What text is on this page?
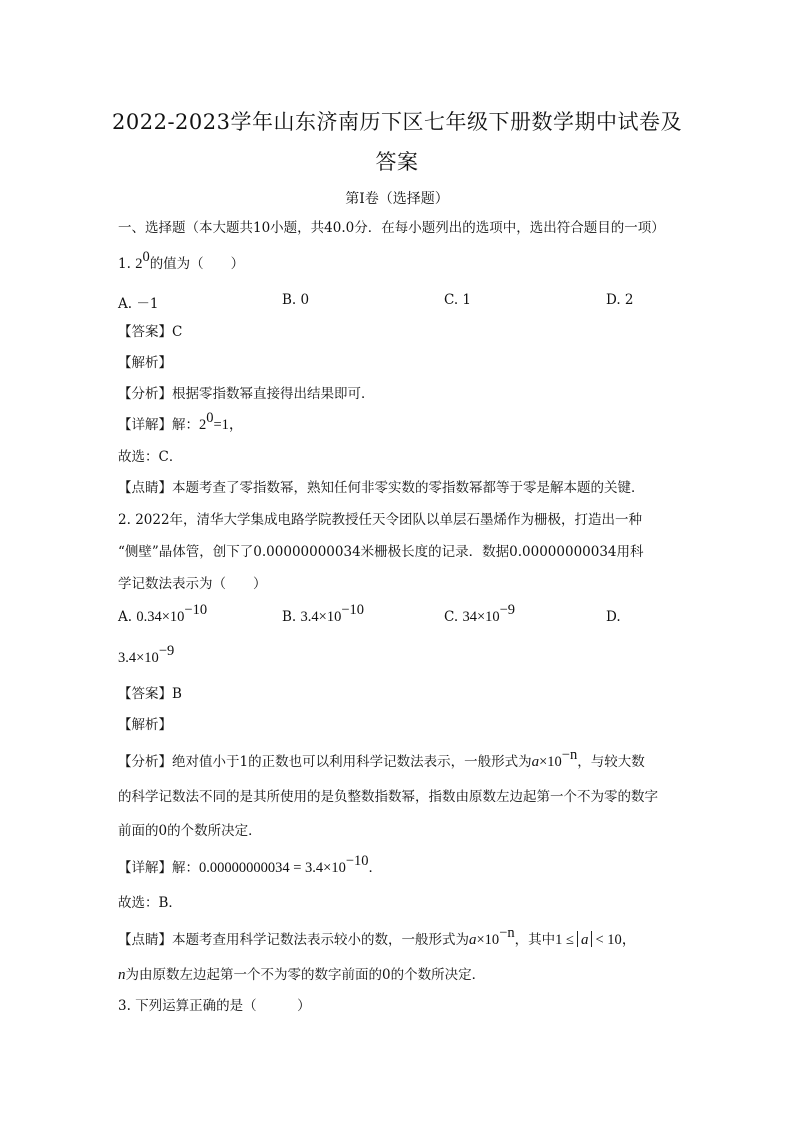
2022-2023学年山东济南历下区七年级下册数学期中试卷及
答案
第I卷（选择题）
一、选择题（本大题共10小题，共40.0分．在每小题列出的选项中，选出符合题目的一项）
1. $2^0$的值为（　　）
A. －1	B. 0	C. 1	D. 2
【答案】C
【解析】
【分析】根据零指数幂直接得出结果即可．
【详解】解：$2^0=1$，
故选：C．
【点睛】本题考查了零指数幂，熟知任何非零实数的零指数幂都等于零是解本题的关键．
2. 2022年，清华大学集成电路学院教授任天令团队以单层石墨烯作为栅极，打造出一种
“侧壁”晶体管，创下了0.00000000034米栅极长度的记录．数据0.00000000034用科
学记数法表示为（　　）
A. $0.34\times 10^{-10}$	B. $3.4\times 10^{-10}$	C. $34\times 10^{-9}$	D.
$3.4\times 10^{-9}$
【答案】B
【解析】
【分析】绝对值小于1的正数也可以利用科学记数法表示，一般形式为$a\times 10^{-n}$，与较大数
的科学记数法不同的是其所使用的是负整数指数幂，指数由原数左边起第一个不为零的数字
前面的0的个数所决定．
【详解】解：$0.00000000034 = 3.4\times 10^{-10}$．
故选：B．
【点睛】本题考查用科学记数法表示较小的数，一般形式为$a\times 10^{-n}$，其中1 ≤ a < 10，
n为由原数左边起第一个不为零的数字前面的0的个数所决定．
3. 下列运算正确的是（　　　）
